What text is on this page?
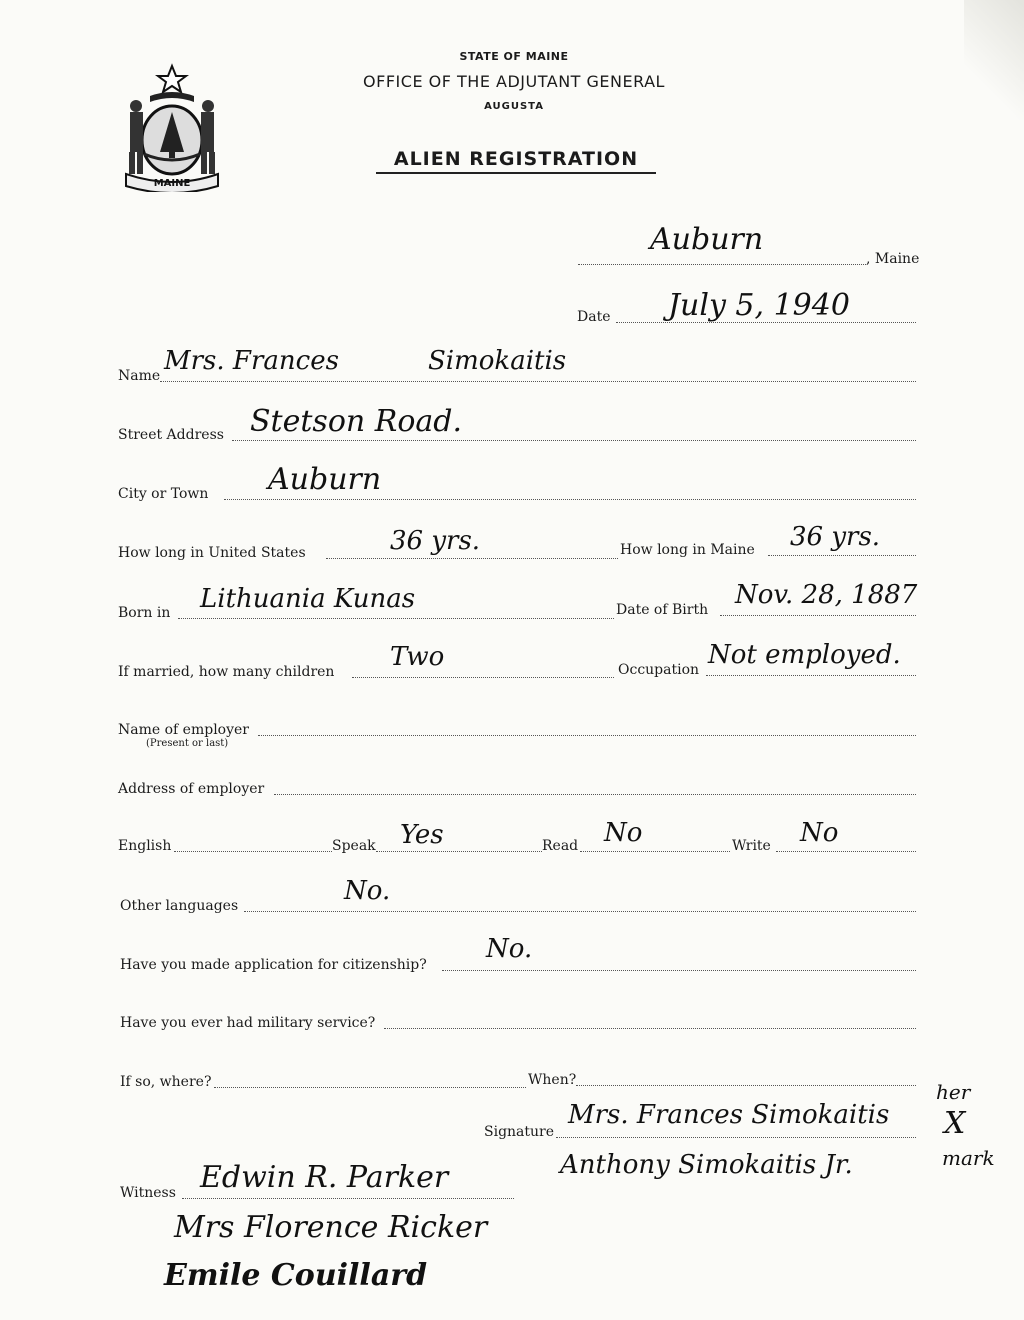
MAINE
STATE OF MAINE
OFFICE OF THE ADJUTANT GENERAL
AUGUSTA
ALIEN REGISTRATION
Auburn
, Maine
Date July 5, 1940
Name Mrs. Frances	Simokaitis
Street Address Stetson Road.
City or Town Auburn
How long in United States	36 yrs.	How long in Maine 36 yrs.
Born in Lithuania Kunas	Date of Birth Nov. 28, 1887
If married, how many children Two	Occupation Not employed.
Name of employer
(Present or last)
Address of employer
English	Speak Yes	Read No	Write No
Other languages	No.
Have you made application for citizenship?
No.
Have you ever had military service?
If so, where?	When?
Signature
Mrs. Frances Simokaitis
her
X
mark
Anthony Simokaitis Jr.
Witness Edwin R. Parker
Mrs Florence Ricker
Emile Couillard
